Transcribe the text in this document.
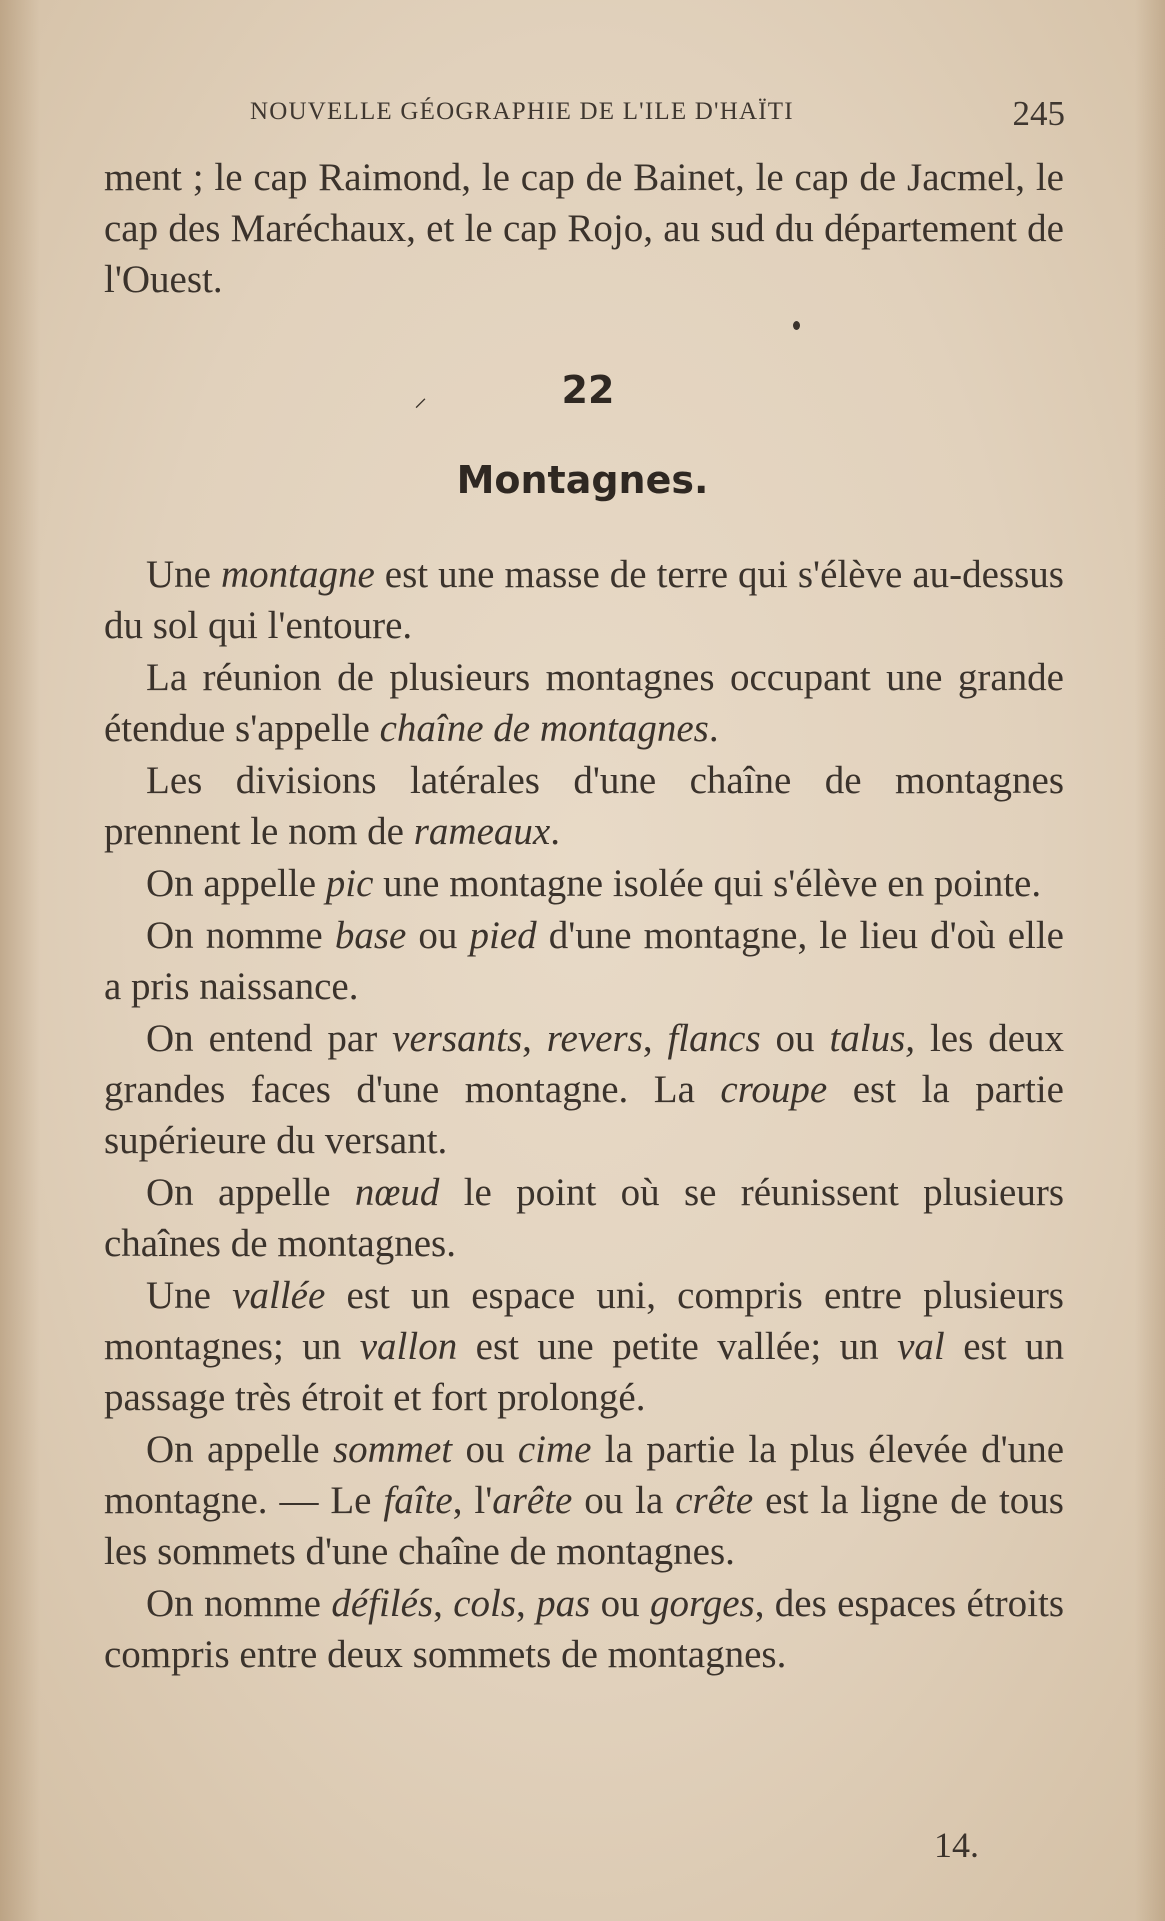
NOUVELLE GÉOGRAPHIE DE L'ILE D'HAÏTI	245

ment ; le cap Raimond, le cap de Bainet, le cap de Jacmel, le cap des Maréchaux, et le cap Rojo, au sud du département de l'Ouest.

⸝	22
Montagnes.

Une montagne est une masse de terre qui s'élève au-dessus du sol qui l'entoure.

La réunion de plusieurs montagnes occupant une grande étendue s'appelle chaîne de montagnes.

Les divisions latérales d'une chaîne de montagnes prennent le nom de rameaux.

On appelle pic une montagne isolée qui s'élève en pointe.

On nomme base ou pied d'une montagne, le lieu d'où elle a pris naissance.

On entend par versants, revers, flancs ou talus, les deux grandes faces d'une montagne. La croupe est la partie supérieure du versant.

On appelle nœud le point où se réunissent plusieurs chaînes de montagnes.

Une vallée est un espace uni, compris entre plusieurs montagnes; un vallon est une petite vallée; un val est un passage très étroit et fort prolongé.

On appelle sommet ou cime la partie la plus élevée d'une montagne. — Le faîte, l'arête ou la crête est la ligne de tous les sommets d'une chaîne de montagnes.

On nomme défilés, cols, pas ou gorges, des espaces étroits compris entre deux sommets de montagnes.

14.
